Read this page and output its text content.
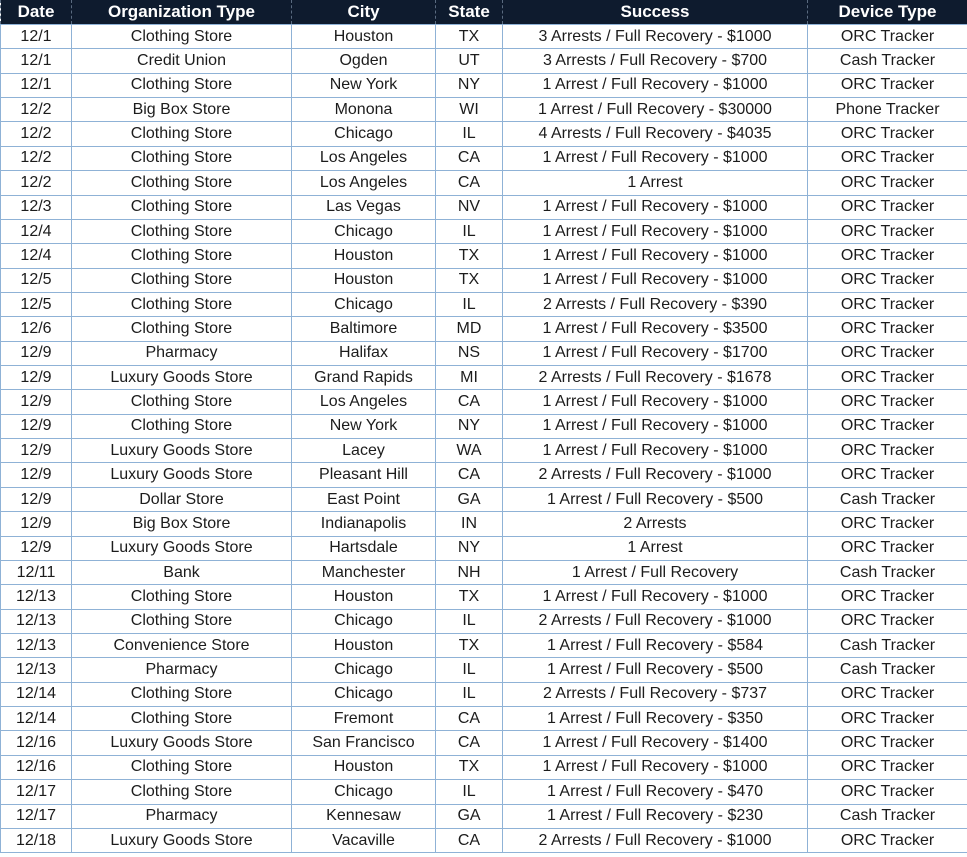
Date	Organization Type	City	State	Success	Device Type
12/1	Clothing Store	Houston	TX	3 Arrests / Full Recovery - $1000	ORC Tracker
12/1	Credit Union	Ogden	UT	3 Arrests / Full Recovery - $700	Cash Tracker
12/1	Clothing Store	New York	NY	1 Arrest / Full Recovery - $1000	ORC Tracker
12/2	Big Box Store	Monona	WI	1 Arrest / Full Recovery - $30000	Phone Tracker
12/2	Clothing Store	Chicago	IL	4 Arrests / Full Recovery - $4035	ORC Tracker
12/2	Clothing Store	Los Angeles	CA	1 Arrest / Full Recovery - $1000	ORC Tracker
12/2	Clothing Store	Los Angeles	CA	1 Arrest	ORC Tracker
12/3	Clothing Store	Las Vegas	NV	1 Arrest / Full Recovery - $1000	ORC Tracker
12/4	Clothing Store	Chicago	IL	1 Arrest / Full Recovery - $1000	ORC Tracker
12/4	Clothing Store	Houston	TX	1 Arrest / Full Recovery - $1000	ORC Tracker
12/5	Clothing Store	Houston	TX	1 Arrest / Full Recovery - $1000	ORC Tracker
12/5	Clothing Store	Chicago	IL	2 Arrests / Full Recovery - $390	ORC Tracker
12/6	Clothing Store	Baltimore	MD	1 Arrest / Full Recovery - $3500	ORC Tracker
12/9	Pharmacy	Halifax	NS	1 Arrest / Full Recovery - $1700	ORC Tracker
12/9	Luxury Goods Store	Grand Rapids	MI	2 Arrests / Full Recovery - $1678	ORC Tracker
12/9	Clothing Store	Los Angeles	CA	1 Arrest / Full Recovery - $1000	ORC Tracker
12/9	Clothing Store	New York	NY	1 Arrest / Full Recovery - $1000	ORC Tracker
12/9	Luxury Goods Store	Lacey	WA	1 Arrest / Full Recovery - $1000	ORC Tracker
12/9	Luxury Goods Store	Pleasant Hill	CA	2 Arrests / Full Recovery - $1000	ORC Tracker
12/9	Dollar Store	East Point	GA	1 Arrest / Full Recovery - $500	Cash Tracker
12/9	Big Box Store	Indianapolis	IN	2 Arrests	ORC Tracker
12/9	Luxury Goods Store	Hartsdale	NY	1 Arrest	ORC Tracker
12/11	Bank	Manchester	NH	1 Arrest / Full Recovery	Cash Tracker
12/13	Clothing Store	Houston	TX	1 Arrest / Full Recovery - $1000	ORC Tracker
12/13	Clothing Store	Chicago	IL	2 Arrests / Full Recovery - $1000	ORC Tracker
12/13	Convenience Store	Houston	TX	1 Arrest / Full Recovery - $584	Cash Tracker
12/13	Pharmacy	Chicago	IL	1 Arrest / Full Recovery - $500	Cash Tracker
12/14	Clothing Store	Chicago	IL	2 Arrests / Full Recovery - $737	ORC Tracker
12/14	Clothing Store	Fremont	CA	1 Arrest / Full Recovery - $350	ORC Tracker
12/16	Luxury Goods Store	San Francisco	CA	1 Arrest / Full Recovery - $1400	ORC Tracker
12/16	Clothing Store	Houston	TX	1 Arrest / Full Recovery - $1000	ORC Tracker
12/17	Clothing Store	Chicago	IL	1 Arrest / Full Recovery - $470	ORC Tracker
12/17	Pharmacy	Kennesaw	GA	1 Arrest / Full Recovery - $230	Cash Tracker
12/18	Luxury Goods Store	Vacaville	CA	2 Arrests / Full Recovery - $1000	ORC Tracker
